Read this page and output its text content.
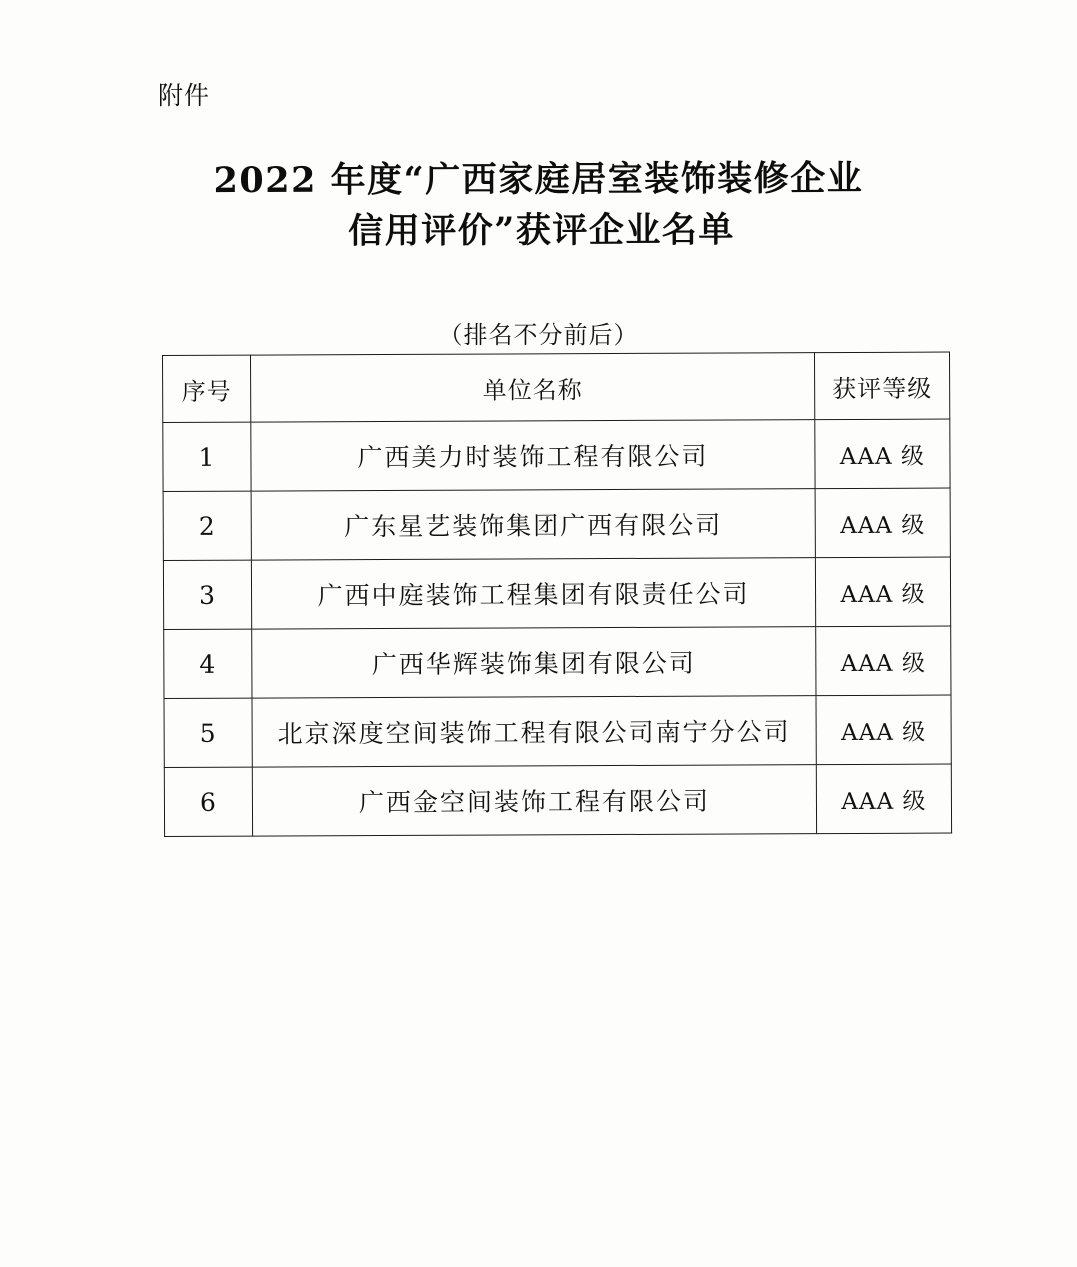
附件
2022 年度“广西家庭居室装饰装修企业
信用评价”获评企业名单
（排名不分前后）
序号	单位名称	获评等级
1	广西美力时装饰工程有限公司	AAA 级
2	广东星艺装饰集团广西有限公司	AAA 级
3	广西中庭装饰工程集团有限责任公司	AAA 级
4	广西华辉装饰集团有限公司	AAA 级
5	北京深度空间装饰工程有限公司南宁分公司	AAA 级
6	广西金空间装饰工程有限公司	AAA 级
